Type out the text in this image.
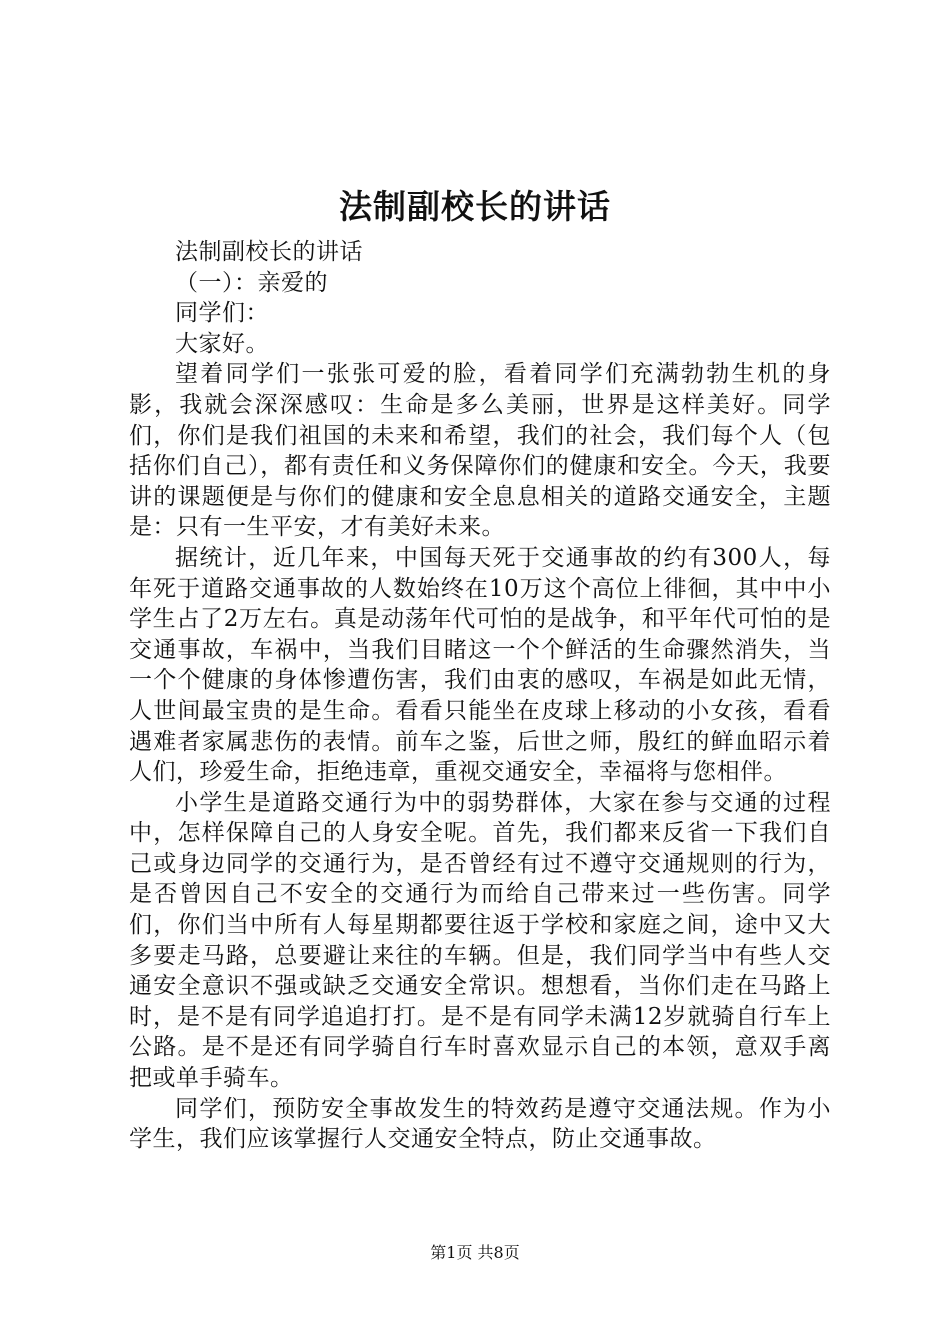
法制副校长的讲话

法制副校长的讲话

（一）：亲爱的

同学们：

大家好。

望着同学们一张张可爱的脸，看着同学们充满勃勃生机的身影，我就会深深感叹：生命是多么美丽，世界是这样美好。同学们，你们是我们祖国的未来和希望，我们的社会，我们每个人（包括你们自己），都有责任和义务保障你们的健康和安全。今天，我要讲的课题便是与你们的健康和安全息息相关的道路交通安全，主题是：只有一生平安，才有美好未来。

据统计，近几年来，中国每天死于交通事故的约有300人，每年死于道路交通事故的人数始终在10万这个高位上徘徊，其中中小学生占了2万左右。真是动荡年代可怕的是战争，和平年代可怕的是交通事故，车祸中，当我们目睹这一个个鲜活的生命骤然消失，当一个个健康的身体惨遭伤害，我们由衷的感叹，车祸是如此无情，人世间最宝贵的是生命。看看只能坐在皮球上移动的小女孩，看看遇难者家属悲伤的表情。前车之鉴，后世之师，殷红的鲜血昭示着人们，珍爱生命，拒绝违章，重视交通安全，幸福将与您相伴。

小学生是道路交通行为中的弱势群体，大家在参与交通的过程中，怎样保障自己的人身安全呢。首先，我们都来反省一下我们自己或身边同学的交通行为，是否曾经有过不遵守交通规则的行为，是否曾因自己不安全的交通行为而给自己带来过一些伤害。同学们，你们当中所有人每星期都要往返于学校和家庭之间，途中又大多要走马路，总要避让来往的车辆。但是，我们同学当中有些人交通安全意识不强或缺乏交通安全常识。想想看，当你们走在马路上时，是不是有同学追追打打。是不是有同学未满12岁就骑自行车上公路。是不是还有同学骑自行车时喜欢显示自己的本领，意双手离把或单手骑车。

同学们，预防安全事故发生的特效药是遵守交通法规。作为小学生，我们应该掌握行人交通安全特点，防止交通事故。

第1页 共8页
